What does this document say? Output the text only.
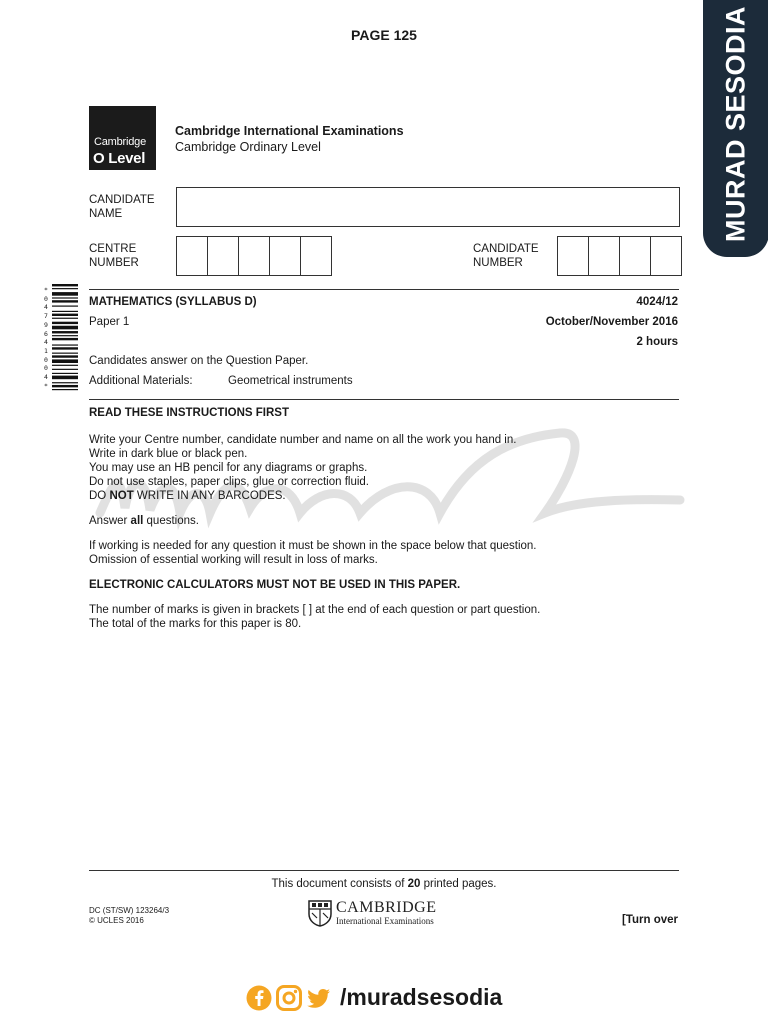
PAGE 125	MURAD SESODIA
Cambridge
O Level
Cambridge International Examinations
Cambridge Ordinary Level
CANDIDATE
NAME
CENTRE
NUMBER
CANDIDATE
NUMBER
*
0
4
7
9
6
4
1
0
0
4
*
MATHEMATICS (SYLLABUS D)	4024/12
Paper 1	October/November 2016
2 hours
Candidates answer on the Question Paper.
Additional Materials:	Geometrical instruments
READ THESE INSTRUCTIONS FIRST

Write your Centre number, candidate number and name on all the work you hand in.

Write in dark blue or black pen.

You may use an HB pencil for any diagrams or graphs.

Do not use staples, paper clips, glue or correction fluid.

DO NOT WRITE IN ANY BARCODES.

Answer all questions.

If working is needed for any question it must be shown in the space below that question.

Omission of essential working will result in loss of marks.

ELECTRONIC CALCULATORS MUST NOT BE USED IN THIS PAPER.

The number of marks is given in brackets [ ] at the end of each question or part question.

The total of the marks for this paper is 80.

This document consists of 20 printed pages.
DC (ST/SW) 123264/3
© UCLES 2016
CAMBRIDGE
International Examinations	[Turn over
/muradsesodia
